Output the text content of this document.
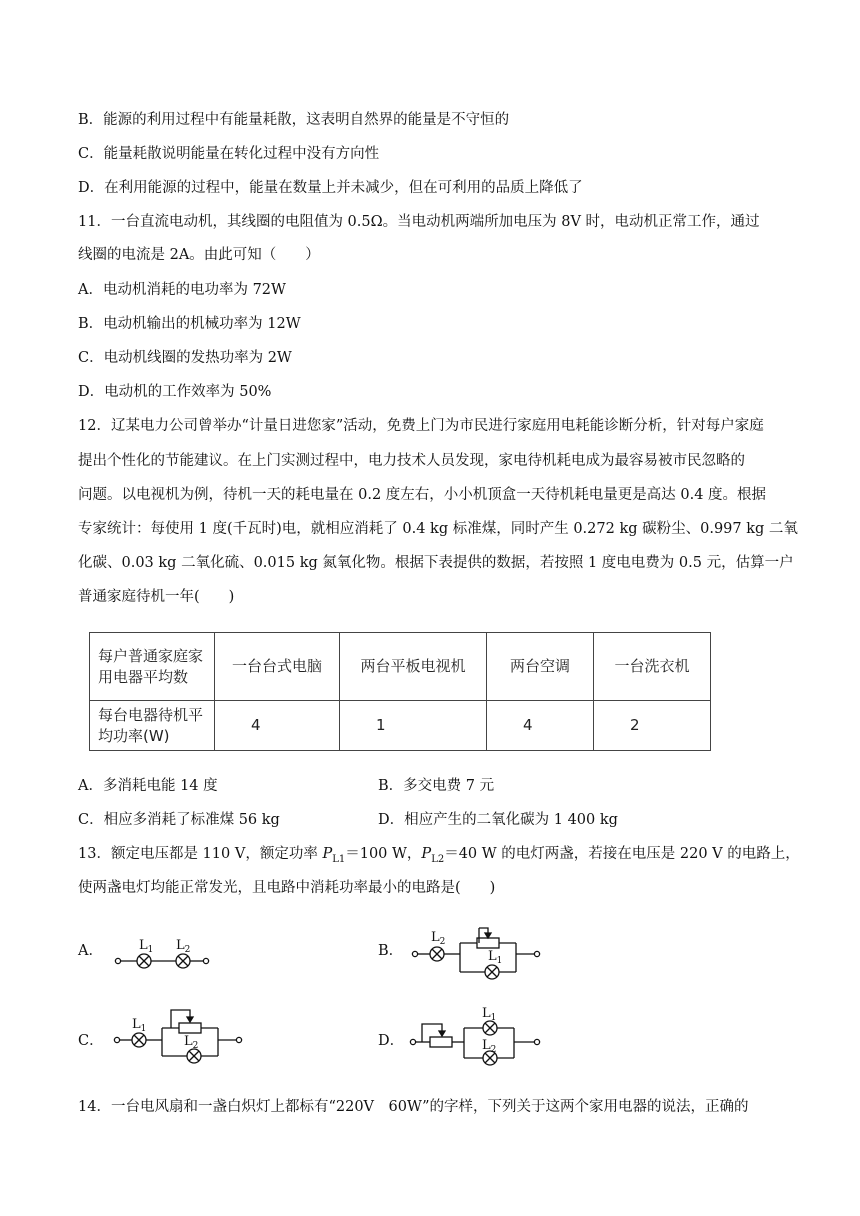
B．能源的利用过程中有能量耗散，这表明自然界的能量是不守恒的
C．能量耗散说明能量在转化过程中没有方向性
D．在利用能源的过程中，能量在数量上并未减少，但在可利用的品质上降低了
11．一台直流电动机，其线圈的电阻值为 0.5Ω。当电动机两端所加电压为 8V 时，电动机正常工作，通过
线圈的电流是 2A。由此可知（　　）
A．电动机消耗的电功率为 72W
B．电动机输出的机械功率为 12W
C．电动机线圈的发热功率为 2W
D．电动机的工作效率为 50%
12．辽某电力公司曾举办“计量日进您家”活动，免费上门为市民进行家庭用电耗能诊断分析，针对每户家庭
提出个性化的节能建议。在上门实测过程中，电力技术人员发现，家电待机耗电成为最容易被市民忽略的
问题。以电视机为例，待机一天的耗电量在 0.2 度左右，小小机顶盒一天待机耗电量更是高达 0.4 度。根据
专家统计：每使用 1 度(千瓦时)电，就相应消耗了 0.4 kg 标准煤，同时产生 0.272 kg 碳粉尘、0.997 kg 二氧
化碳、0.03 kg 二氧化硫、0.015 kg 氮氧化物。根据下表提供的数据，若按照 1 度电电费为 0.5 元，估算一户
普通家庭待机一年(　　)
每户普通家庭家用电器平均数	一台台式电脑	两台平板电视机	两台空调	一台洗衣机
每台电器待机平均功率(W)	4	1	4	2
A．多消耗电能 14 度	B．多交电费 7 元
C．相应多消耗了标准煤 56 kg	D．相应产生的二氧化碳为 1 400 kg
13．额定电压都是 110 V，额定功率 $P_{L1}=100$ W，$P_{L2}=40$ W 的电灯两盏，若接在电压是 220 V 的电路上，
使两盏电灯均能正常发光，且电路中消耗功率最小的电路是(　　)
A．	B．
C．	D．
$L_1$ $L_2$
$L_2$
$L_1$
$L_1$
$L_2$
$L_1$
$L_2$
14．一台电风扇和一盏白炽灯上都标有“220V　60W”的字样，下列关于这两个家用电器的说法，正确的
